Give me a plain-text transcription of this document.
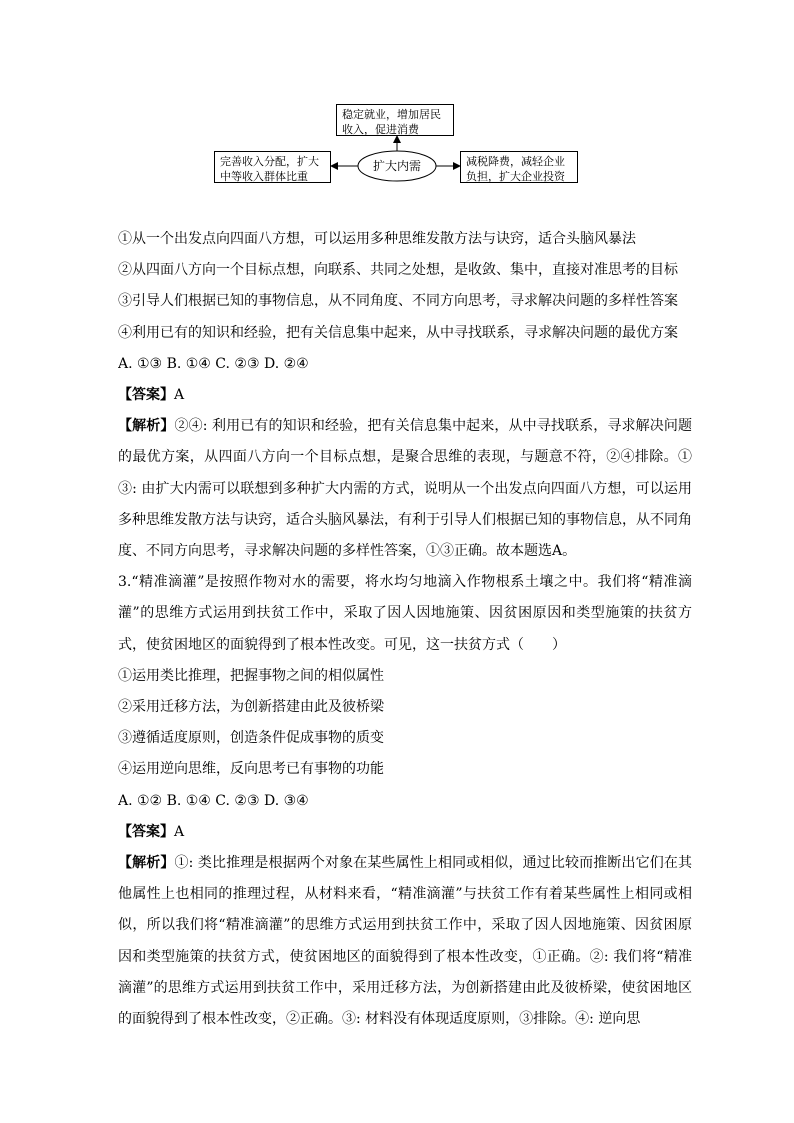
稳定就业，增加居民收入，促进消费
完善收入分配，扩大中等收入群体比重
减税降费，减轻企业负担，扩大企业投资
扩大内需

①从一个出发点向四面八方想，可以运用多种思维发散方法与诀窍，适合头脑风暴法

②从四面八方向一个目标点想，向联系、共同之处想，是收敛、集中，直接对准思考的目标

③引导人们根据已知的事物信息，从不同角度、不同方向思考，寻求解决问题的多样性答案

④利用已有的知识和经验，把有关信息集中起来，从中寻找联系，寻求解决问题的最优方案

A. ①③ B. ①④ C. ②③ D. ②④

【答案】A

【解析】②④: 利用已有的知识和经验，把有关信息集中起来，从中寻找联系，寻求解决问题的最优方案，从四面八方向一个目标点想，是聚合思维的表现，与题意不符，②④排除。①③: 由扩大内需可以联想到多种扩大内需的方式，说明从一个出发点向四面八方想，可以运用多种思维发散方法与诀窍，适合头脑风暴法，有利于引导人们根据已知的事物信息，从不同角度、不同方向思考，寻求解决问题的多样性答案，①③正确。故本题选A。

3.“精准滴灌”是按照作物对水的需要，将水均匀地滴入作物根系土壤之中。我们将“精准滴灌”的思维方式运用到扶贫工作中，采取了因人因地施策、因贫困原因和类型施策的扶贫方式，使贫困地区的面貌得到了根本性改变。可见，这一扶贫方式（　　）

①运用类比推理，把握事物之间的相似属性

②采用迁移方法，为创新搭建由此及彼桥梁

③遵循适度原则，创造条件促成事物的质变

④运用逆向思维，反向思考已有事物的功能

A. ①② B. ①④ C. ②③ D. ③④

【答案】A

【解析】①: 类比推理是根据两个对象在某些属性上相同或相似，通过比较而推断出它们在其他属性上也相同的推理过程，从材料来看，“精准滴灌”与扶贫工作有着某些属性上相同或相似，所以我们将“精准滴灌”的思维方式运用到扶贫工作中，采取了因人因地施策、因贫困原因和类型施策的扶贫方式，使贫困地区的面貌得到了根本性改变，①正确。②: 我们将“精准滴灌”的思维方式运用到扶贫工作中，采用迁移方法，为创新搭建由此及彼桥梁，使贫困地区的面貌得到了根本性改变，②正确。③: 材料没有体现适度原则，③排除。④: 逆向思
